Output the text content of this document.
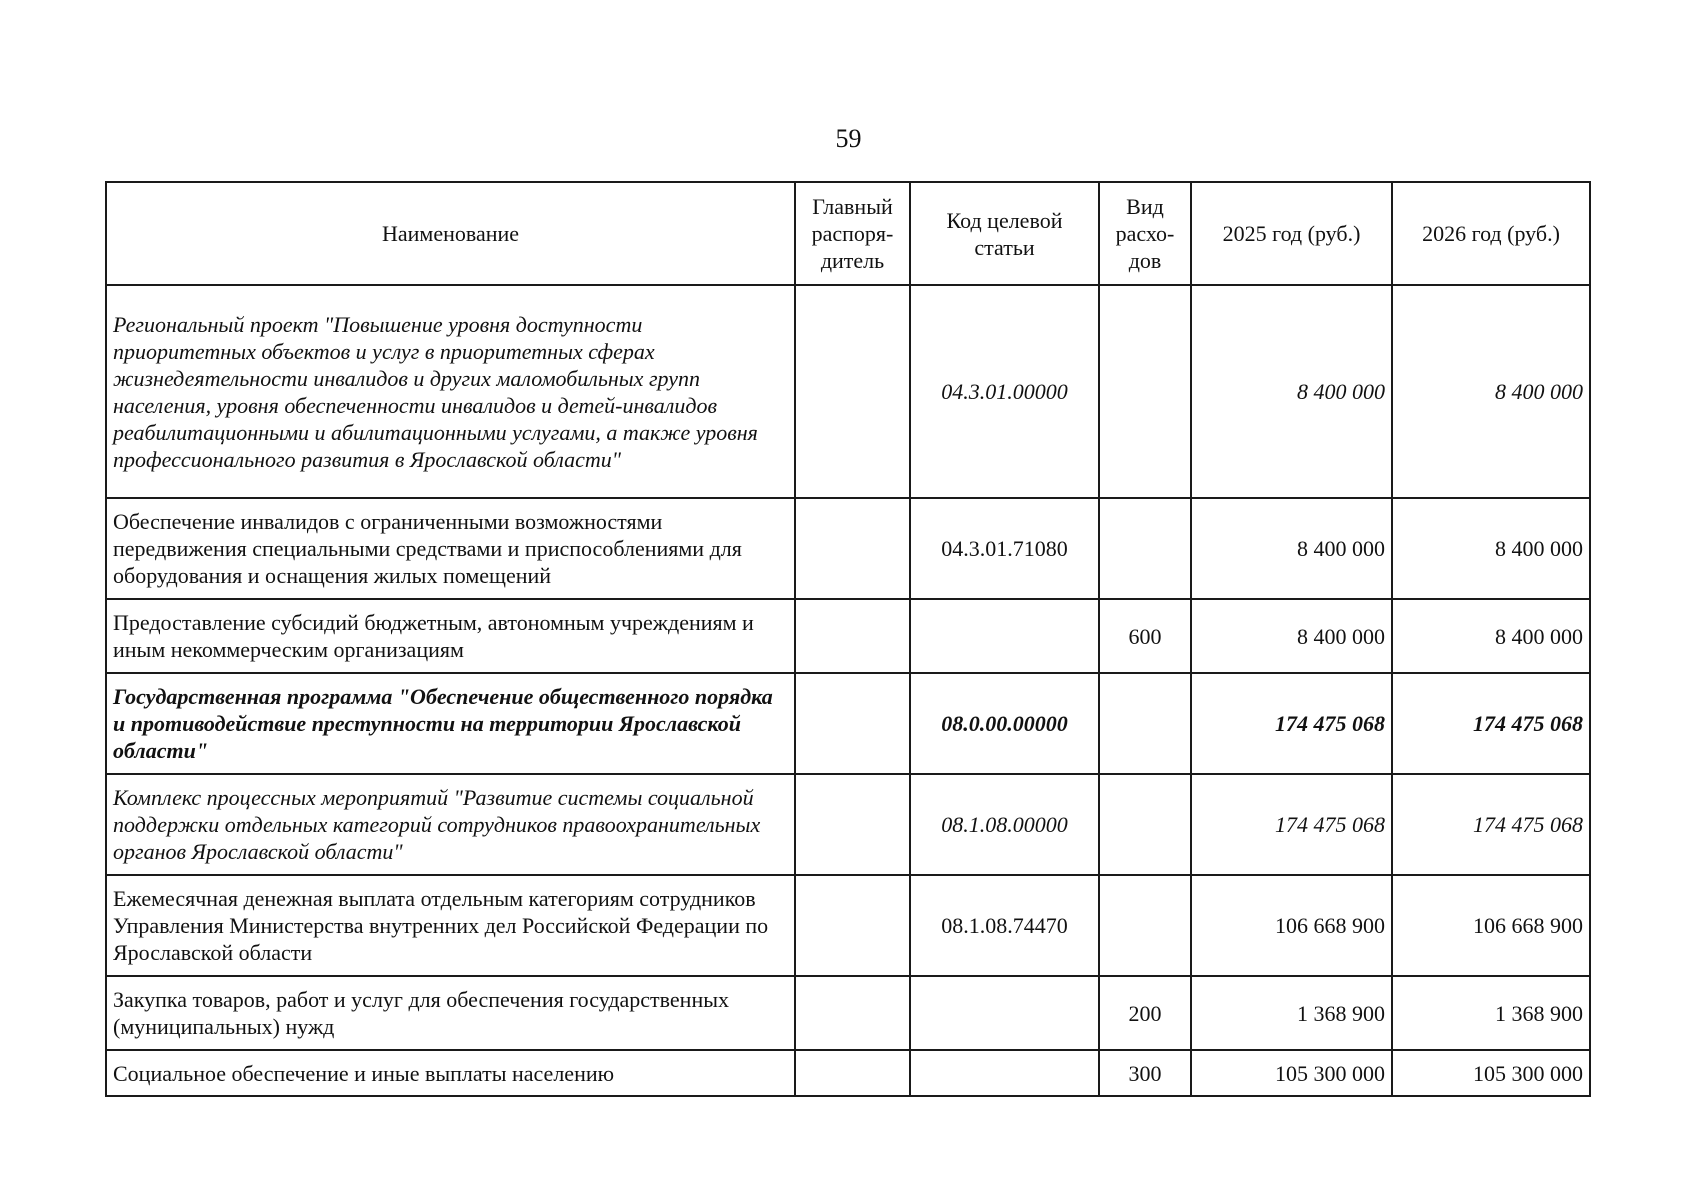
59
Наименование	Главный распоря-дитель	Код целевой статьи	Вид расхо-дов	2025 год (руб.)	2026 год (руб.)
Региональный проект "Повышение уровня доступности приоритетных объектов и услуг в приоритетных сферах жизнедеятельности инвалидов и других маломобильных групп населения, уровня обеспеченности инвалидов и детей-инвалидов реабилитационными и абилитационными услугами, а также уровня профессионального развития в Ярославской области"		04.3.01.00000		8 400 000	8 400 000
Обеспечение инвалидов с ограниченными возможностями передвижения специальными средствами и приспособлениями для оборудования и оснащения жилых помещений		04.3.01.71080		8 400 000	8 400 000
Предоставление субсидий бюджетным, автономным учреждениям и иным некоммерческим организациям			600	8 400 000	8 400 000
Государственная программа "Обеспечение общественного порядка и противодействие преступности на территории Ярославской области"		08.0.00.00000		174 475 068	174 475 068
Комплекс процессных мероприятий "Развитие системы социальной поддержки отдельных категорий сотрудников правоохранительных органов Ярославской области"		08.1.08.00000		174 475 068	174 475 068
Ежемесячная денежная выплата отдельным категориям сотрудников Управления Министерства внутренних дел Российской Федерации по Ярославской области		08.1.08.74470		106 668 900	106 668 900
Закупка товаров, работ и услуг для обеспечения государственных (муниципальных) нужд			200	1 368 900	1 368 900
Социальное обеспечение и иные выплаты населению			300	105 300 000	105 300 000
